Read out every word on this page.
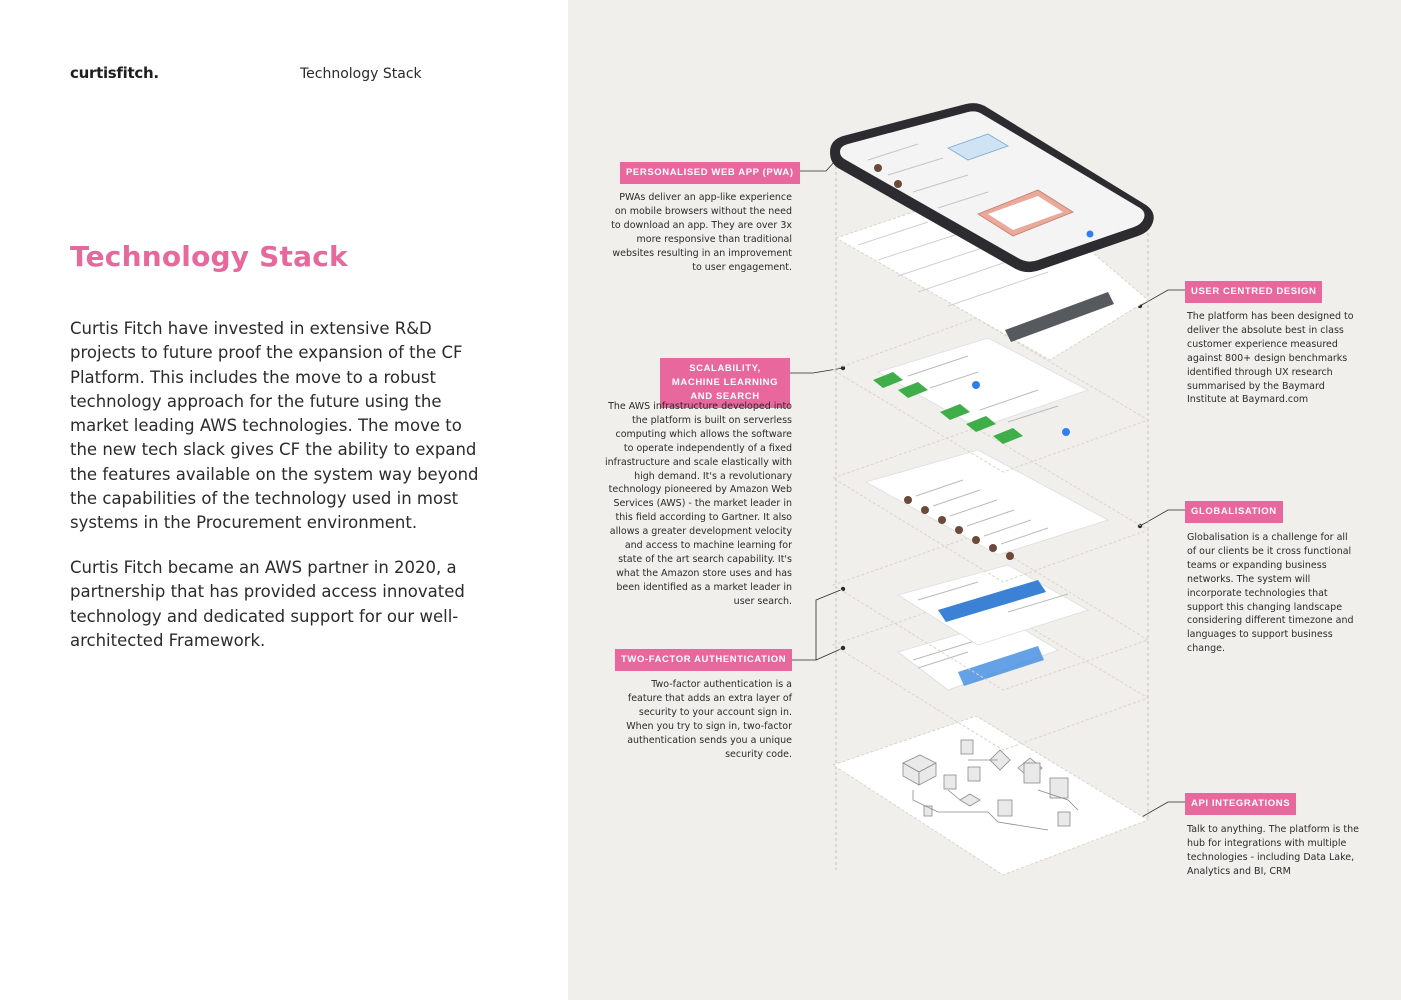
curtisfitch.	Technology Stack
Technology Stack

Curtis Fitch have invested in extensive R&D projects to future proof the expansion of the CF Platform. This includes the move to a robust technology approach for the future using the market leading AWS technologies. The move to the new tech slack gives CF the ability to expand the features available on the system way beyond the capabilities of the technology used in most systems in the Procurement environment.

Curtis Fitch became an AWS partner in 2020, a partnership that has provided access innovated technology and dedicated support for our well-architected Framework.

PERSONALISED WEB APP (PWA)

PWAs deliver an app-like experience on mobile browsers without the need to download an app. They are over 3x more responsive than traditional websites resulting in an improvement to user engagement.

SCALABILITY, MACHINE LEARNING AND SEARCH

The AWS infrastructure developed into the platform is built on serverless computing which allows the software to operate independently of a fixed infrastructure and scale elastically with high demand. It's a revolutionary technology pioneered by Amazon Web Services (AWS) - the market leader in this field according to Gartner. It also allows a greater development velocity and access to machine learning for state of the art search capability. It's what the Amazon store uses and has been identified as a market leader in user search.

TWO-FACTOR AUTHENTICATION

Two-factor authentication is a feature that adds an extra layer of security to your account sign in. When you try to sign in, two-factor authentication sends you a unique security code.

USER CENTRED DESIGN

The platform has been designed to deliver the absolute best in class customer experience measured against 800+ design benchmarks identified through UX research summarised by the Baymard Institute at Baymard.com

GLOBALISATION

Globalisation is a challenge for all of our clients be it cross functional teams or expanding business networks. The system will incorporate technologies that support this changing landscape considering different timezone and languages to support business change.

API INTEGRATIONS

Talk to anything. The platform is the hub for integrations with multiple technologies - including Data Lake, Analytics and BI, CRM
